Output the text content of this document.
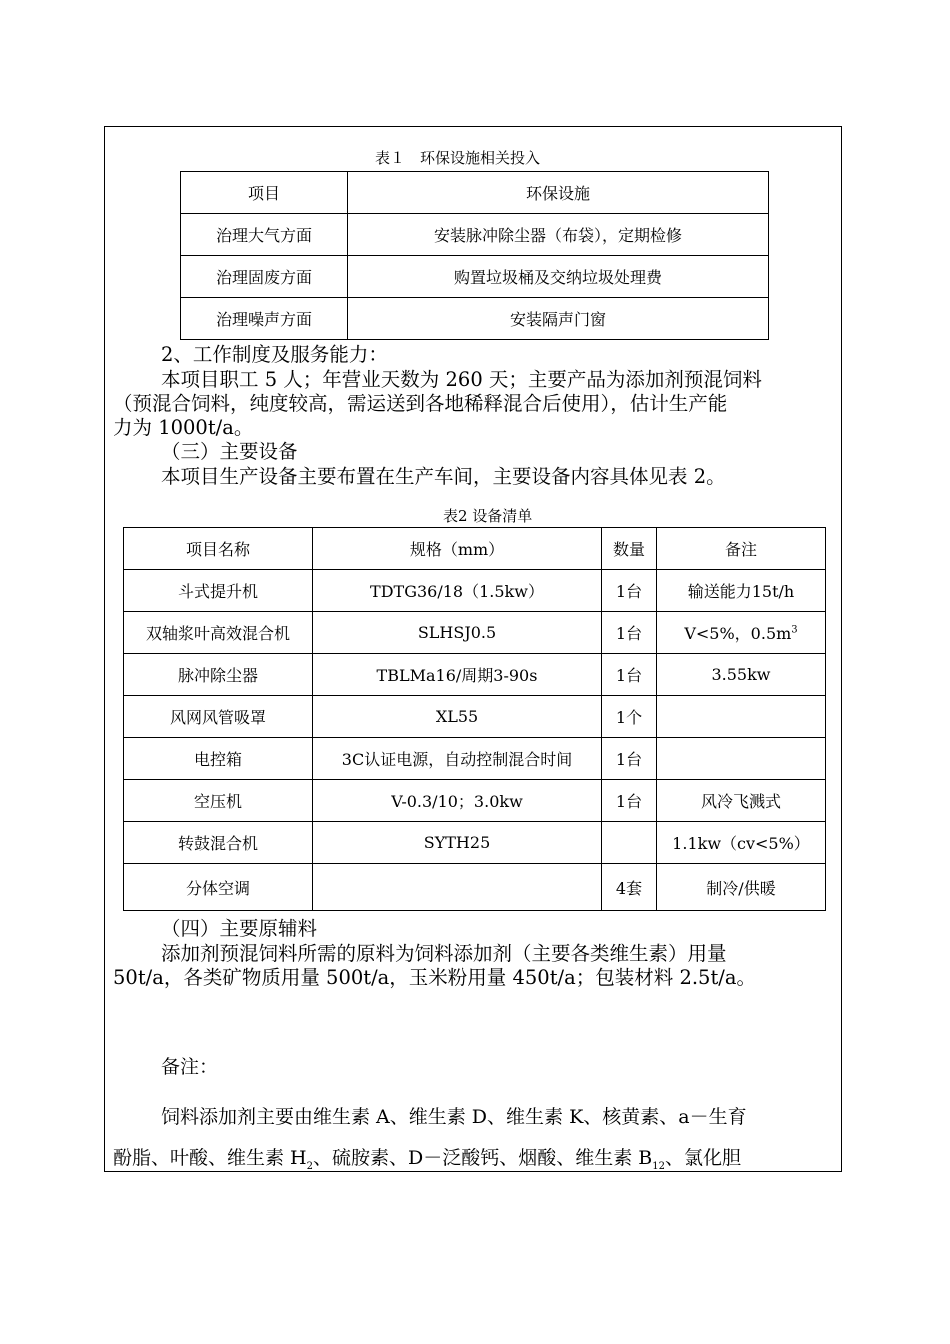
表１　环保设施相关投入
项目	环保设施
治理大气方面	安装脉冲除尘器（布袋），定期检修
治理固废方面	购置垃圾桶及交纳垃圾处理费
治理噪声方面	安装隔声门窗
2、工作制度及服务能力：
本项目职工 5 人；年营业天数为 260 天；主要产品为添加剂预混饲料
（预混合饲料，纯度较高，需运送到各地稀释混合后使用），估计生产能
力为 1000t/a。
（三）主要设备
本项目生产设备主要布置在生产车间，主要设备内容具体见表 2。
表2 设备清单
项目名称	规格（mm）	数量	备注
斗式提升机	TDTG36/18（1.5kw）	1台	输送能力15t/h
双轴浆叶高效混合机	SLHSJ0.5	1台	V<5%，$0.5m^3$
脉冲除尘器	TBLMa16/周期3-90s	1台	3.55kw
风网风管吸罩	XL55	1个	
电控箱	3C认证电源，自动控制混合时间	1台	
空压机	V-0.3/10；3.0kw	1台	风冷飞溅式
转鼓混合机	SYTH25		1.1kw（cv<5%）
分体空调		4套	制冷/供暖
（四）主要原辅料
添加剂预混饲料所需的原料为饲料添加剂（主要各类维生素）用量
50t/a，各类矿物质用量 500t/a，玉米粉用量 450t/a；包装材料 2.5t/a。
备注：
饲料添加剂主要由维生素 A、维生素 D、维生素 K、核黄素、a－生育
酚脂、叶酸、维生素 $H_2$、硫胺素、D－泛酸钙、烟酸、维生素 $B_{12}$、氯化胆
